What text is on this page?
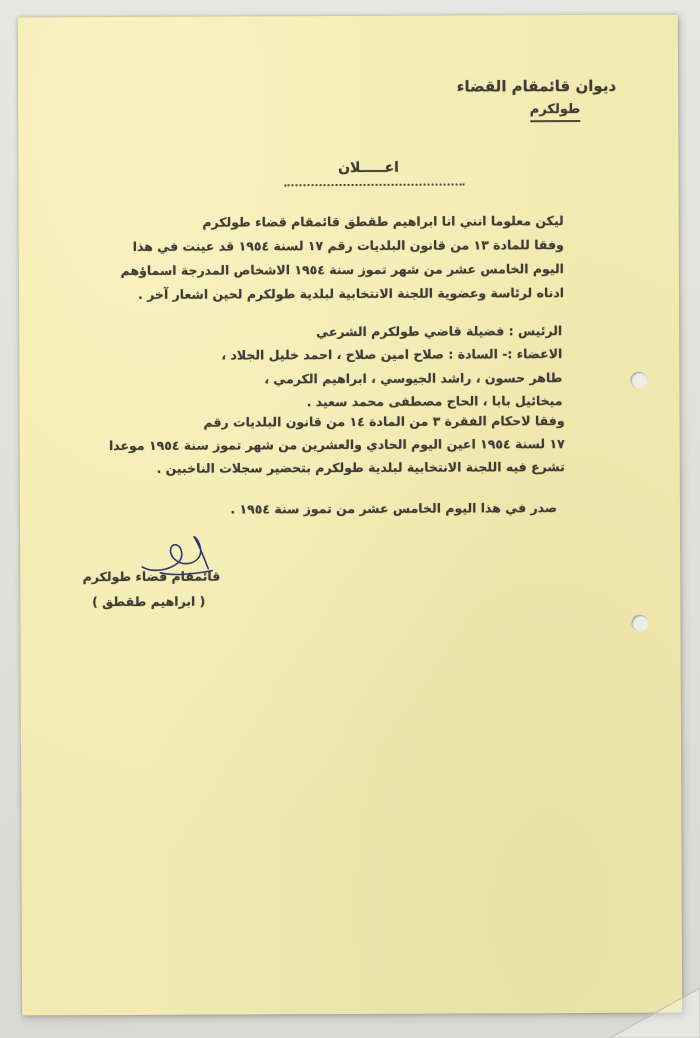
ديوان قائمقام القضاء
طولكرم
اعـــــلان
ليكن معلوما انني انا ابراهيم طقطق قائمقام قضاء طولكرم
وفقا للمادة ١٣ من قانون البلديات رقم ١٧ لسنة ١٩٥٤ قد عينت في هذا
اليوم الخامس عشر من شهر تموز سنة ١٩٥٤ الاشخاص المدرجة اسماؤهم
ادناه لرئاسة وعضوية اللجنة الانتخابية لبلدية طولكرم لحين اشعار آخر .
الرئيس : فضيلة قاضي طولكرم الشرعي
الاعضاء :- السادة : صلاح امين صلاح ، احمد خليل الجلاد ،
طاهر حسون ، راشد الجيوسي ، ابراهيم الكرمي ،
ميخائيل بابا ، الحاج مصطفى محمد سعيد .
وفقا لاحكام الفقرة ٣ من المادة ١٤ من قانون البلديات رقم
١٧ لسنة ١٩٥٤ اعين اليوم الحادي والعشرين من شهر تموز سنة ١٩٥٤ موعدا
تشرع فيه اللجنة الانتخابية لبلدية طولكرم بتحضير سجلات الناخبين .
صدر في هذا اليوم الخامس عشر من تموز سنة ١٩٥٤ .
قائمقام قضاء طولكرم
( ابراهيم طقطق )
